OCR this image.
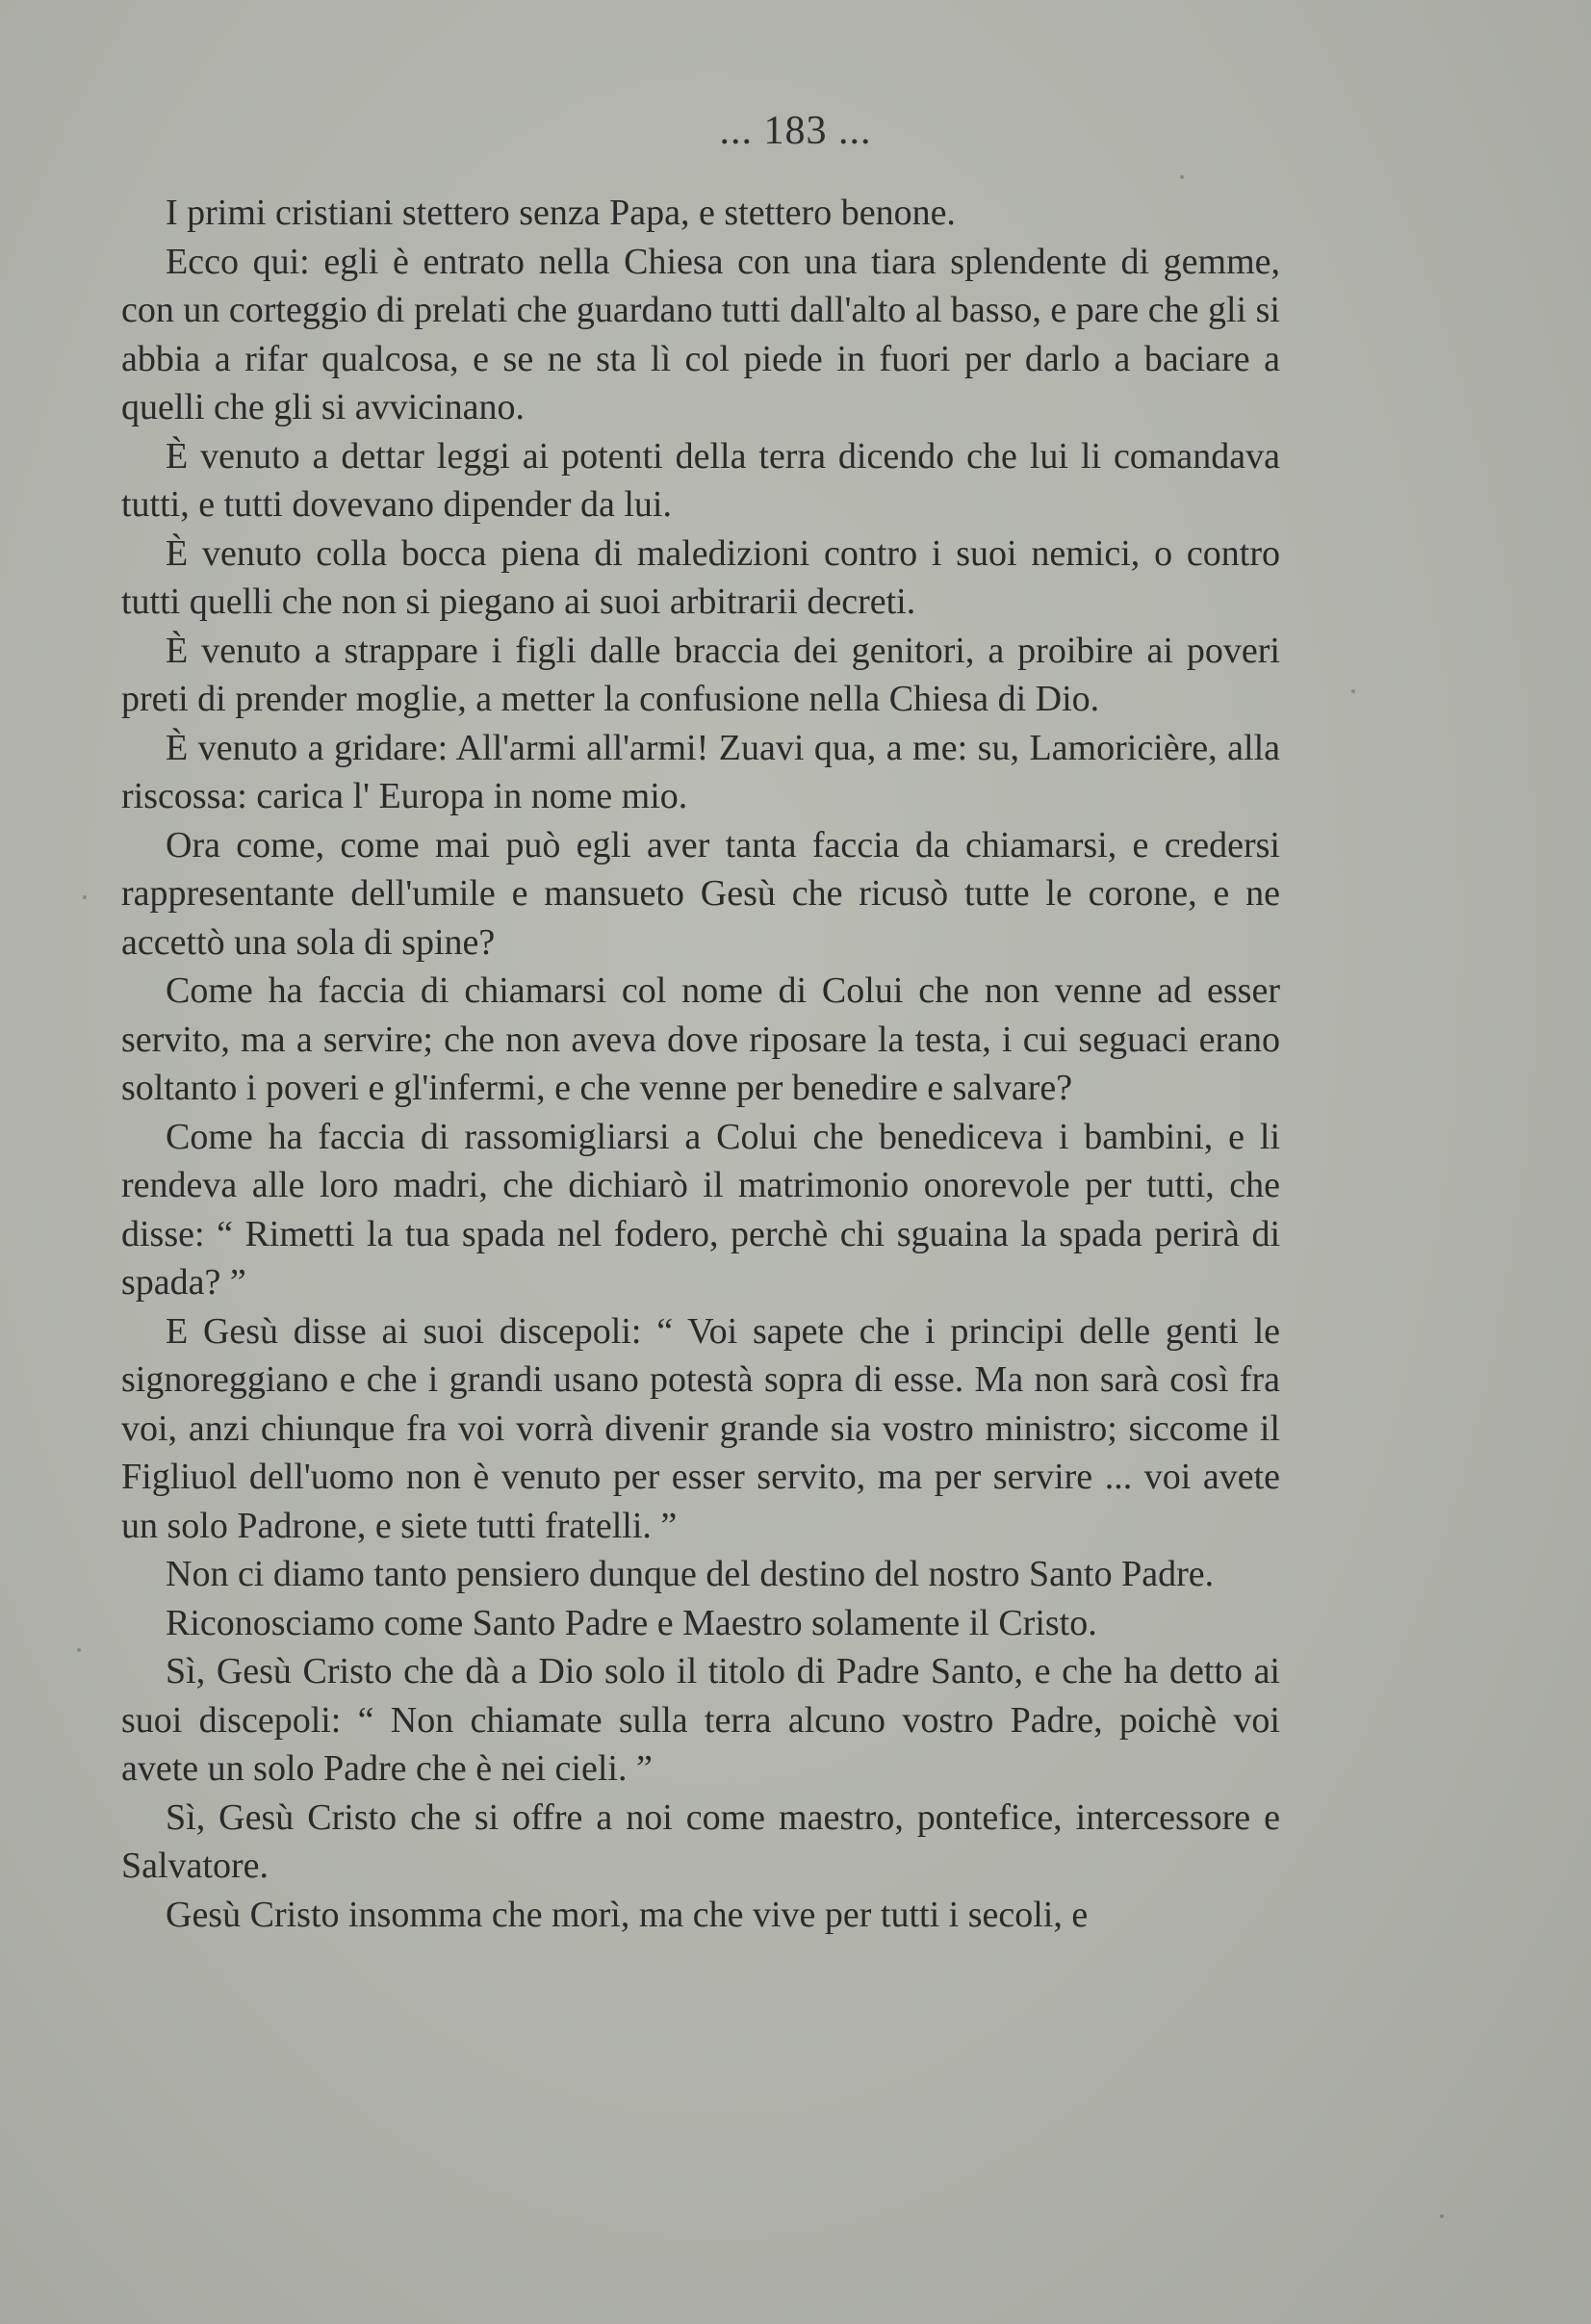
... 183 ...

I primi cristiani stettero senza Papa, e stettero benone.

Ecco qui: egli è entrato nella Chiesa con una tiara splendente di gemme, con un corteggio di prelati che guardano tutti dall'alto al basso, e pare che gli si abbia a rifar qualcosa, e se ne sta lì col piede in fuori per darlo a baciare a quelli che gli si avvicinano.

È venuto a dettar leggi ai potenti della terra dicendo che lui li comandava tutti, e tutti dovevano dipender da lui.

È venuto colla bocca piena di maledizioni contro i suoi nemici, o contro tutti quelli che non si piegano ai suoi arbitrarii decreti.

È venuto a strappare i figli dalle braccia dei genitori, a proibire ai poveri preti di prender moglie, a metter la confusione nella Chiesa di Dio.

È venuto a gridare: All'armi all'armi! Zuavi qua, a me: su, Lamoricière, alla riscossa: carica l' Europa in nome mio.

Ora come, come mai può egli aver tanta faccia da chiamarsi, e credersi rappresentante dell'umile e mansueto Gesù che ricusò tutte le corone, e ne accettò una sola di spine?

Come ha faccia di chiamarsi col nome di Colui che non venne ad esser servito, ma a servire; che non aveva dove riposare la testa, i cui seguaci erano soltanto i poveri e gl'infermi, e che venne per benedire e salvare?

Come ha faccia di rassomigliarsi a Colui che benediceva i bambini, e li rendeva alle loro madri, che dichiarò il matrimonio onorevole per tutti, che disse: “ Rimetti la tua spada nel fodero, perchè chi sguaina la spada perirà di spada? ”

E Gesù disse ai suoi discepoli: “ Voi sapete che i principi delle genti le signoreggiano e che i grandi usano potestà sopra di esse. Ma non sarà così fra voi, anzi chiunque fra voi vorrà divenir grande sia vostro ministro; siccome il Figliuol dell'uomo non è venuto per esser servito, ma per servire ... voi avete un solo Padrone, e siete tutti fratelli. ”

Non ci diamo tanto pensiero dunque del destino del nostro Santo Padre.

Riconosciamo come Santo Padre e Maestro solamente il Cristo.

Sì, Gesù Cristo che dà a Dio solo il titolo di Padre Santo, e che ha detto ai suoi discepoli: “ Non chiamate sulla terra alcuno vostro Padre, poichè voi avete un solo Padre che è nei cieli. ”

Sì, Gesù Cristo che si offre a noi come maestro, pontefice, intercessore e Salvatore.

Gesù Cristo insomma che morì, ma che vive per tutti i secoli, e
